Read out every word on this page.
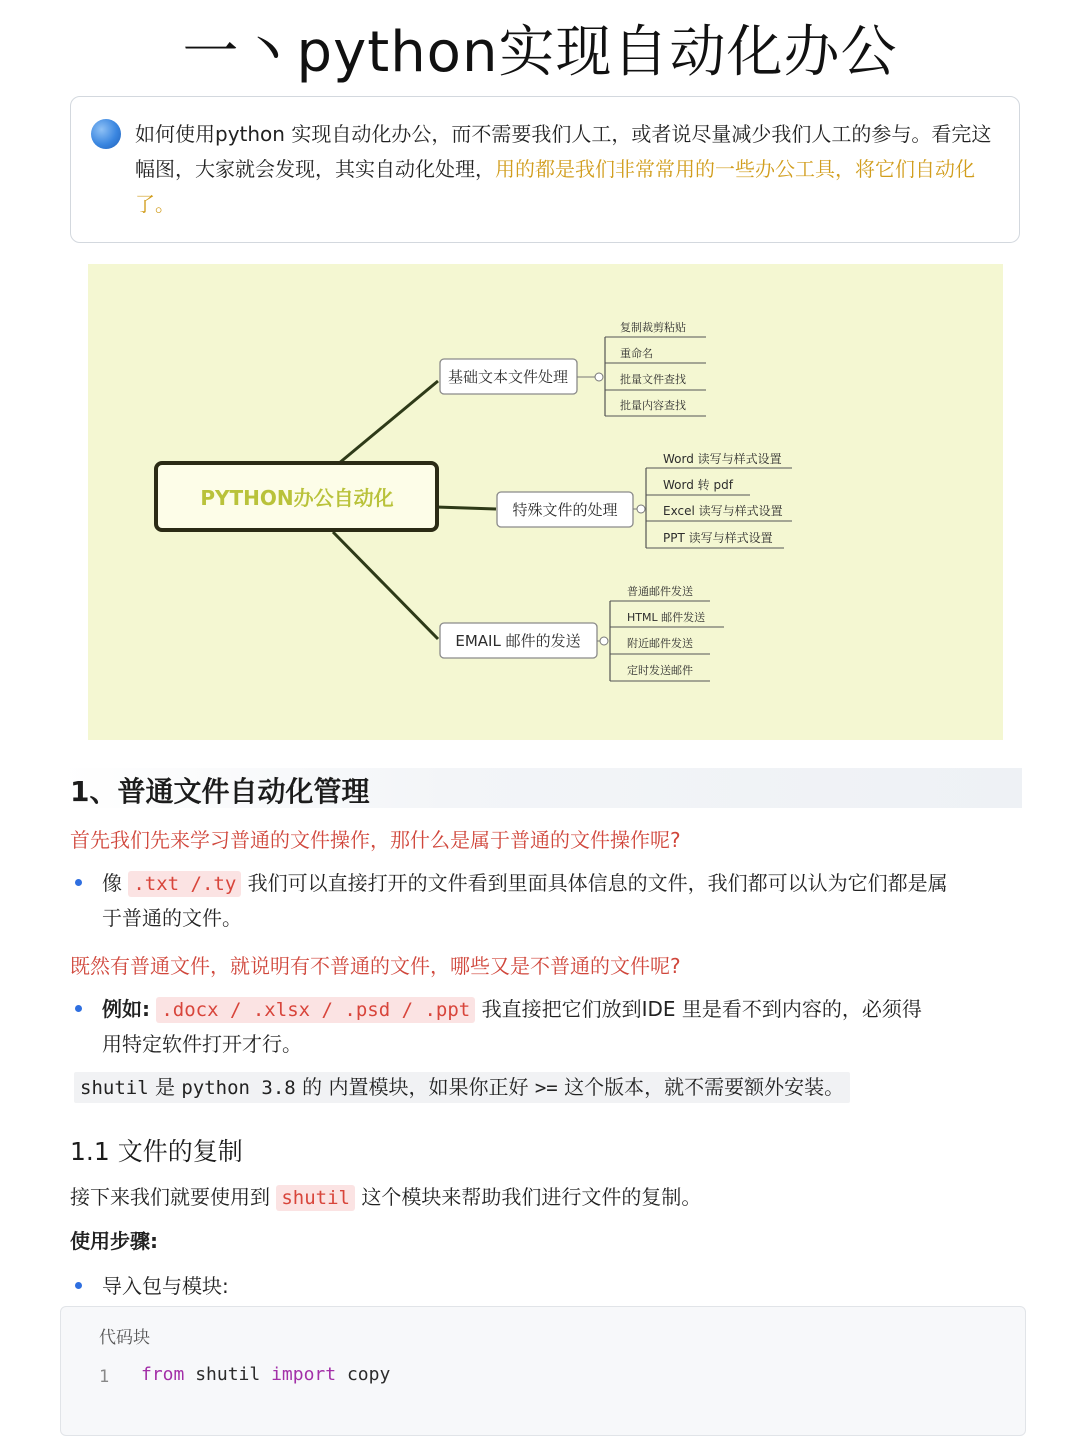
一丶python实现自动化办公
如何使用python 实现自动化办公，而不需要我们人工，或者说尽量减少我们人工的参与。看完这幅图，大家就会发现，其实自动化处理，用的都是我们非常常用的一些办公工具，将它们自动化了。
PYTHON办公自动化
基础文本文件处理
复制裁剪粘贴
重命名
批量文件查找
批量内容查找
特殊文件的处理
Word 读写与样式设置
Word 转 pdf
Excel 读写与样式设置
PPT 读写与样式设置
EMAIL 邮件的发送
普通邮件发送
HTML 邮件发送
附近邮件发送
定时发送邮件
1、普通文件自动化管理
首先我们先来学习普通的文件操作，那什么是属于普通的文件操作呢?
像 .txt /.ty 我们可以直接打开的文件看到里面具体信息的文件，我们都可以认为它们都是属
于普通的文件。
既然有普通文件，就说明有不普通的文件，哪些又是不普通的文件呢?
例如: .docx / .xlsx / .psd / .ppt 我直接把它们放到IDE 里是看不到内容的，必须得
用特定软件打开才行。
shutil 是 python 3.8 的 内置模块，如果你正好 >= 这个版本，就不需要额外安装。
1.1 文件的复制
接下来我们就要使用到 shutil 这个模块来帮助我们进行文件的复制。
使用步骤:
导入包与模块:
代码块
1 from shutil import copy
